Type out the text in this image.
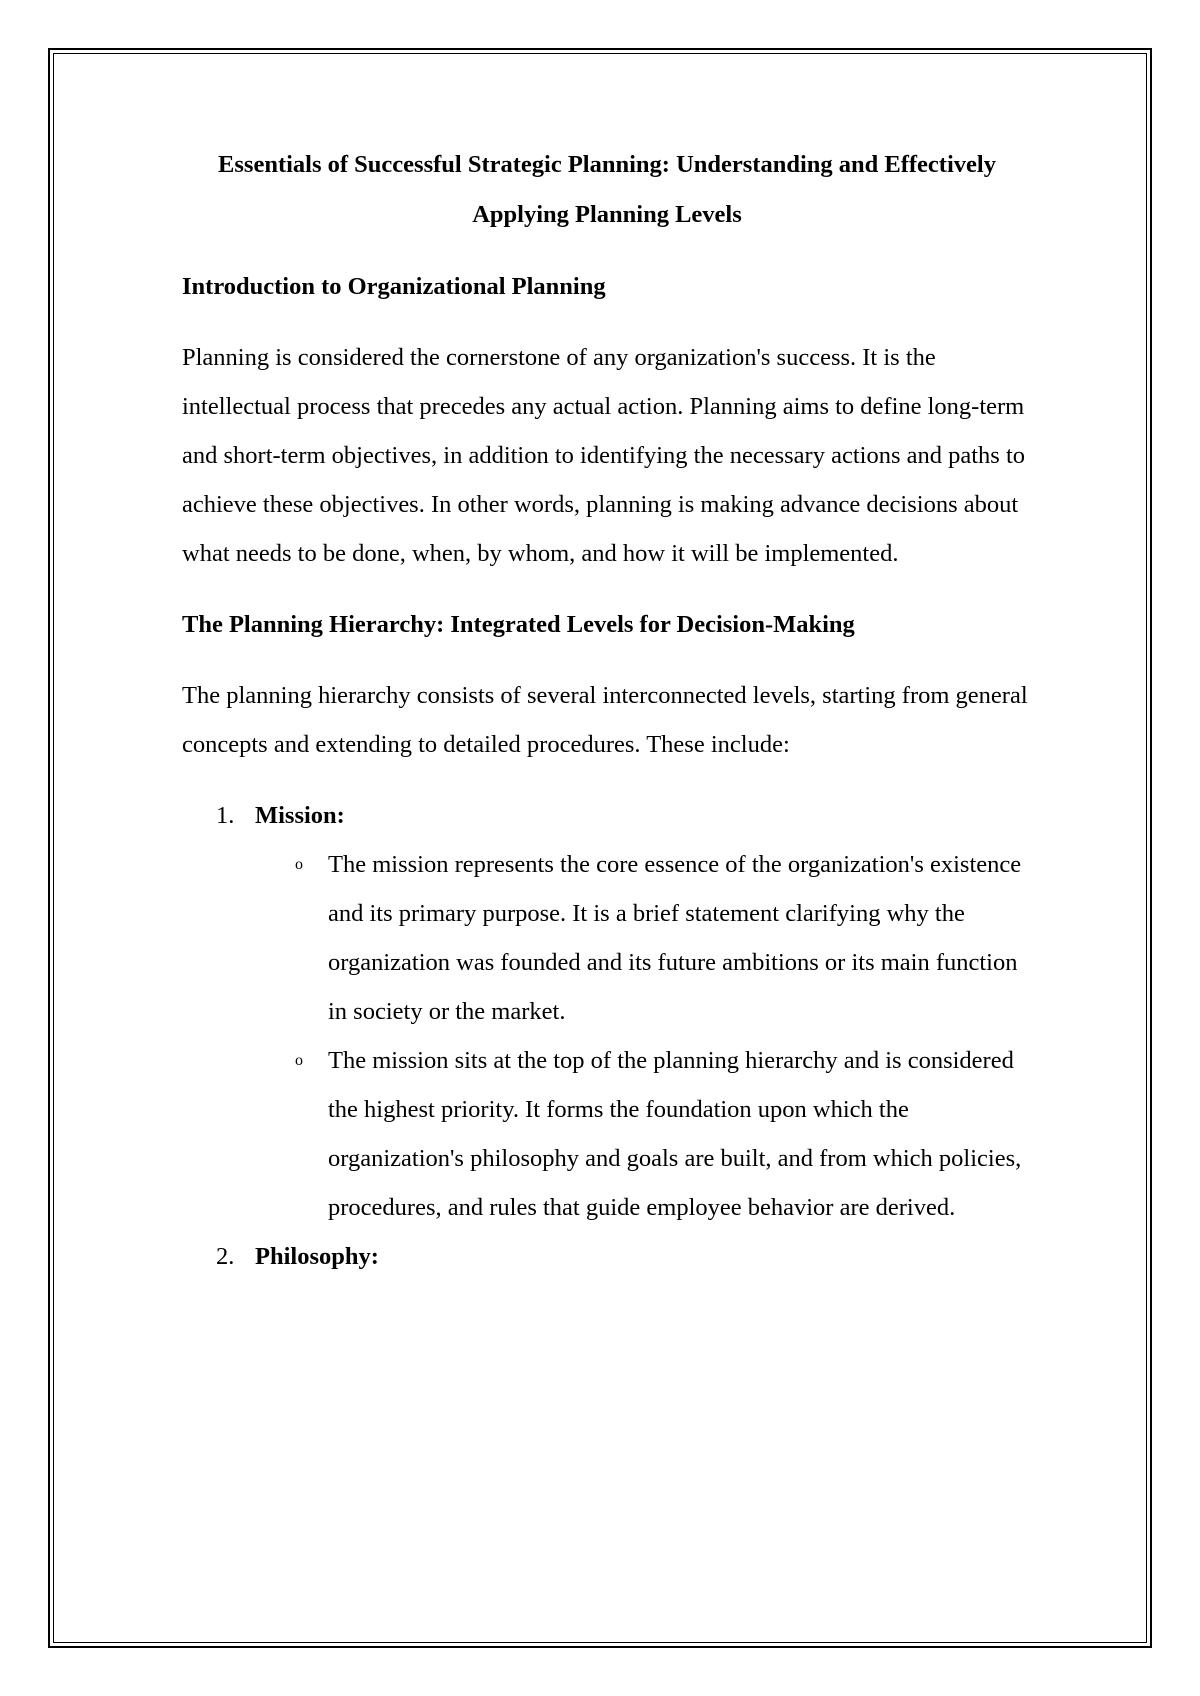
Essentials of Successful Strategic Planning: Understanding and Effectively Applying Planning Levels
Introduction to Organizational Planning

Planning is considered the cornerstone of any organization's success. It is the intellectual process that precedes any actual action. Planning aims to define long-term and short-term objectives, in addition to identifying the necessary actions and paths to achieve these objectives. In other words, planning is making advance decisions about what needs to be done, when, by whom, and how it will be implemented.

The Planning Hierarchy: Integrated Levels for Decision-Making

The planning hierarchy consists of several interconnected levels, starting from general concepts and extending to detailed procedures. These include:

1. Mission:
o The mission represents the core essence of the organization's existence and its primary purpose. It is a brief statement clarifying why the organization was founded and its future ambitions or its main function in society or the market.
o The mission sits at the top of the planning hierarchy and is considered the highest priority. It forms the foundation upon which the organization's philosophy and goals are built, and from which policies, procedures, and rules that guide employee behavior are derived.
2. Philosophy:
